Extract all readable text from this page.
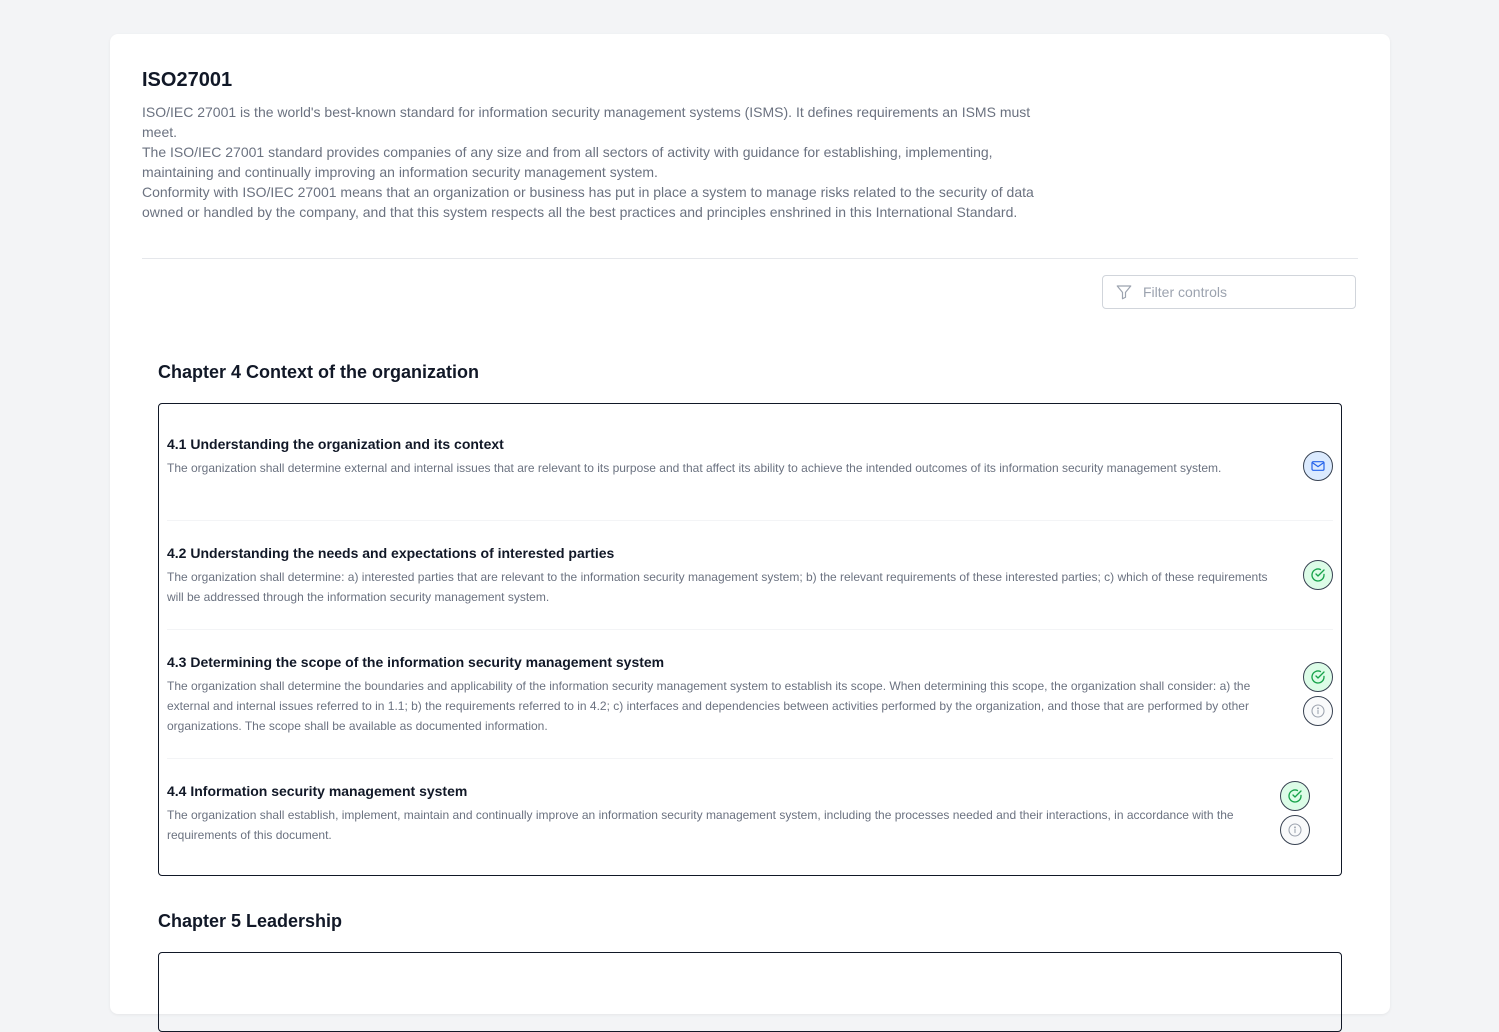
ISO27001

ISO/IEC 27001 is the world's best-known standard for information security management systems (ISMS). It defines requirements an ISMS must meet.

The ISO/IEC 27001 standard provides companies of any size and from all sectors of activity with guidance for establishing, implementing, maintaining and continually improving an information security management system.

Conformity with ISO/IEC 27001 means that an organization or business has put in place a system to manage risks related to the security of data owned or handled by the company, and that this system respects all the best practices and principles enshrined in this International Standard.

Filter controls
Chapter 4 Context of the organization
4.1 Understanding the organization and its context
The organization shall determine external and internal issues that are relevant to its purpose and that affect its ability to achieve the intended outcomes of its information security management system.
4.2 Understanding the needs and expectations of interested parties
The organization shall determine: a) interested parties that are relevant to the information security management system; b) the relevant requirements of these interested parties; c) which of these requirements will be addressed through the information security management system.
4.3 Determining the scope of the information security management system
The organization shall determine the boundaries and applicability of the information security management system to establish its scope. When determining this scope, the organization shall consider: a) the external and internal issues referred to in 1.1; b) the requirements referred to in 4.2; c) interfaces and dependencies between activities performed by the organization, and those that are performed by other organizations. The scope shall be available as documented information.
4.4 Information security management system
The organization shall establish, implement, maintain and continually improve an information security management system, including the processes needed and their interactions, in accordance with the requirements of this document.
Chapter 5 Leadership
